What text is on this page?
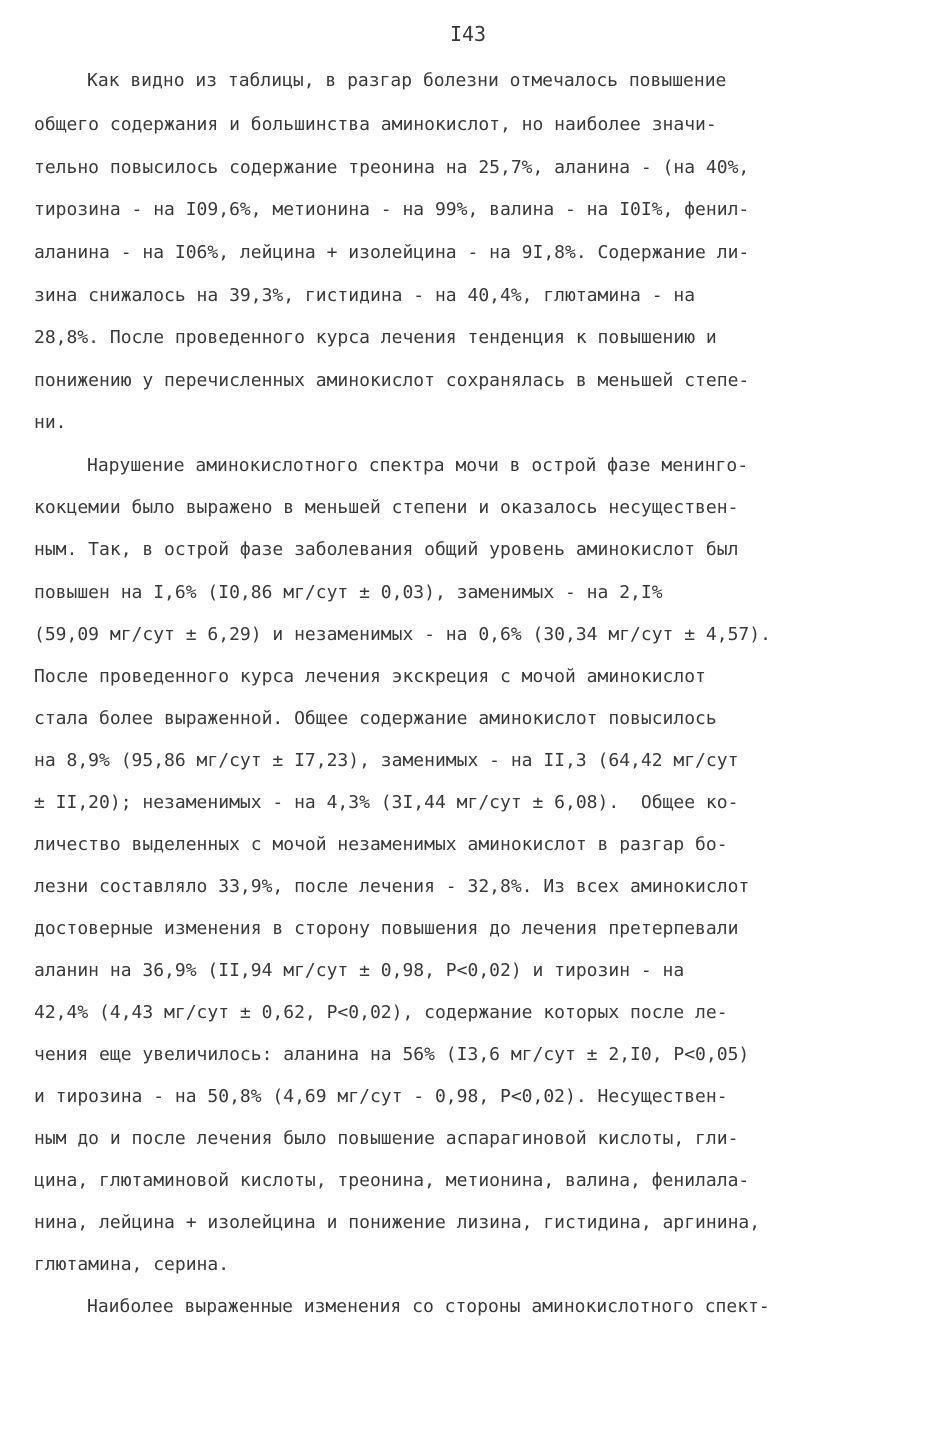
I43
Как видно из таблицы, в разгар болезни отмечалось повышение
общего содержания и большинства аминокислот, но наиболее значи-
тельно повысилось содержание треонина на 25,7%, аланина - (на 40%,
тирозина - на I09,6%, метионина - на 99%, валина - на I0I%, фенил-
аланина - на I06%, лейцина + изолейцина - на 9I,8%. Содержание ли-
зина снижалось на 39,3%, гистидина - на 40,4%, глютамина - на
28,8%. После проведенного курса лечения тенденция к повышению и
понижению у перечисленных аминокислот сохранялась в меньшей степе-
ни.
Нарушение аминокислотного спектра мочи в острой фазе менинго-
кокцемии было выражено в меньшей степени и оказалось несуществен-
ным. Так, в острой фазе заболевания общий уровень аминокислот был
повышен на I,6% (I0,86 мг/сут ± 0,03), заменимых - на 2,I%
(59,09 мг/сут ± 6,29) и незаменимых - на 0,6% (30,34 мг/сут ± 4,57).
После проведенного курса лечения экскреция с мочой аминокислот
стала более выраженной. Общее содержание аминокислот повысилось
на 8,9% (95,86 мг/сут ± I7,23), заменимых - на II,3 (64,42 мг/сут
± II,20); незаменимых - на 4,3% (3I,44 мг/сут ± 6,08).  Общее ко-
личество выделенных с мочой незаменимых аминокислот в разгар бо-
лезни составляло 33,9%, после лечения - 32,8%. Из всех аминокислот
достоверные изменения в сторону повышения до лечения претерпевали
аланин на 36,9% (II,94 мг/сут ± 0,98, P<0,02) и тирозин - на
42,4% (4,43 мг/сут ± 0,62, P<0,02), содержание которых после ле-
чения еще увеличилось: аланина на 56% (I3,6 мг/сут ± 2,I0, P<0,05)
и тирозина - на 50,8% (4,69 мг/сут - 0,98, P<0,02). Несуществен-
ным до и после лечения было повышение аспарагиновой кислоты, гли-
цина, глютаминовой кислоты, треонина, метионина, валина, фенилала-
нина, лейцина + изолейцина и понижение лизина, гистидина, аргинина,
глютамина, серина.
Наиболее выраженные изменения со стороны аминокислотного спект-
